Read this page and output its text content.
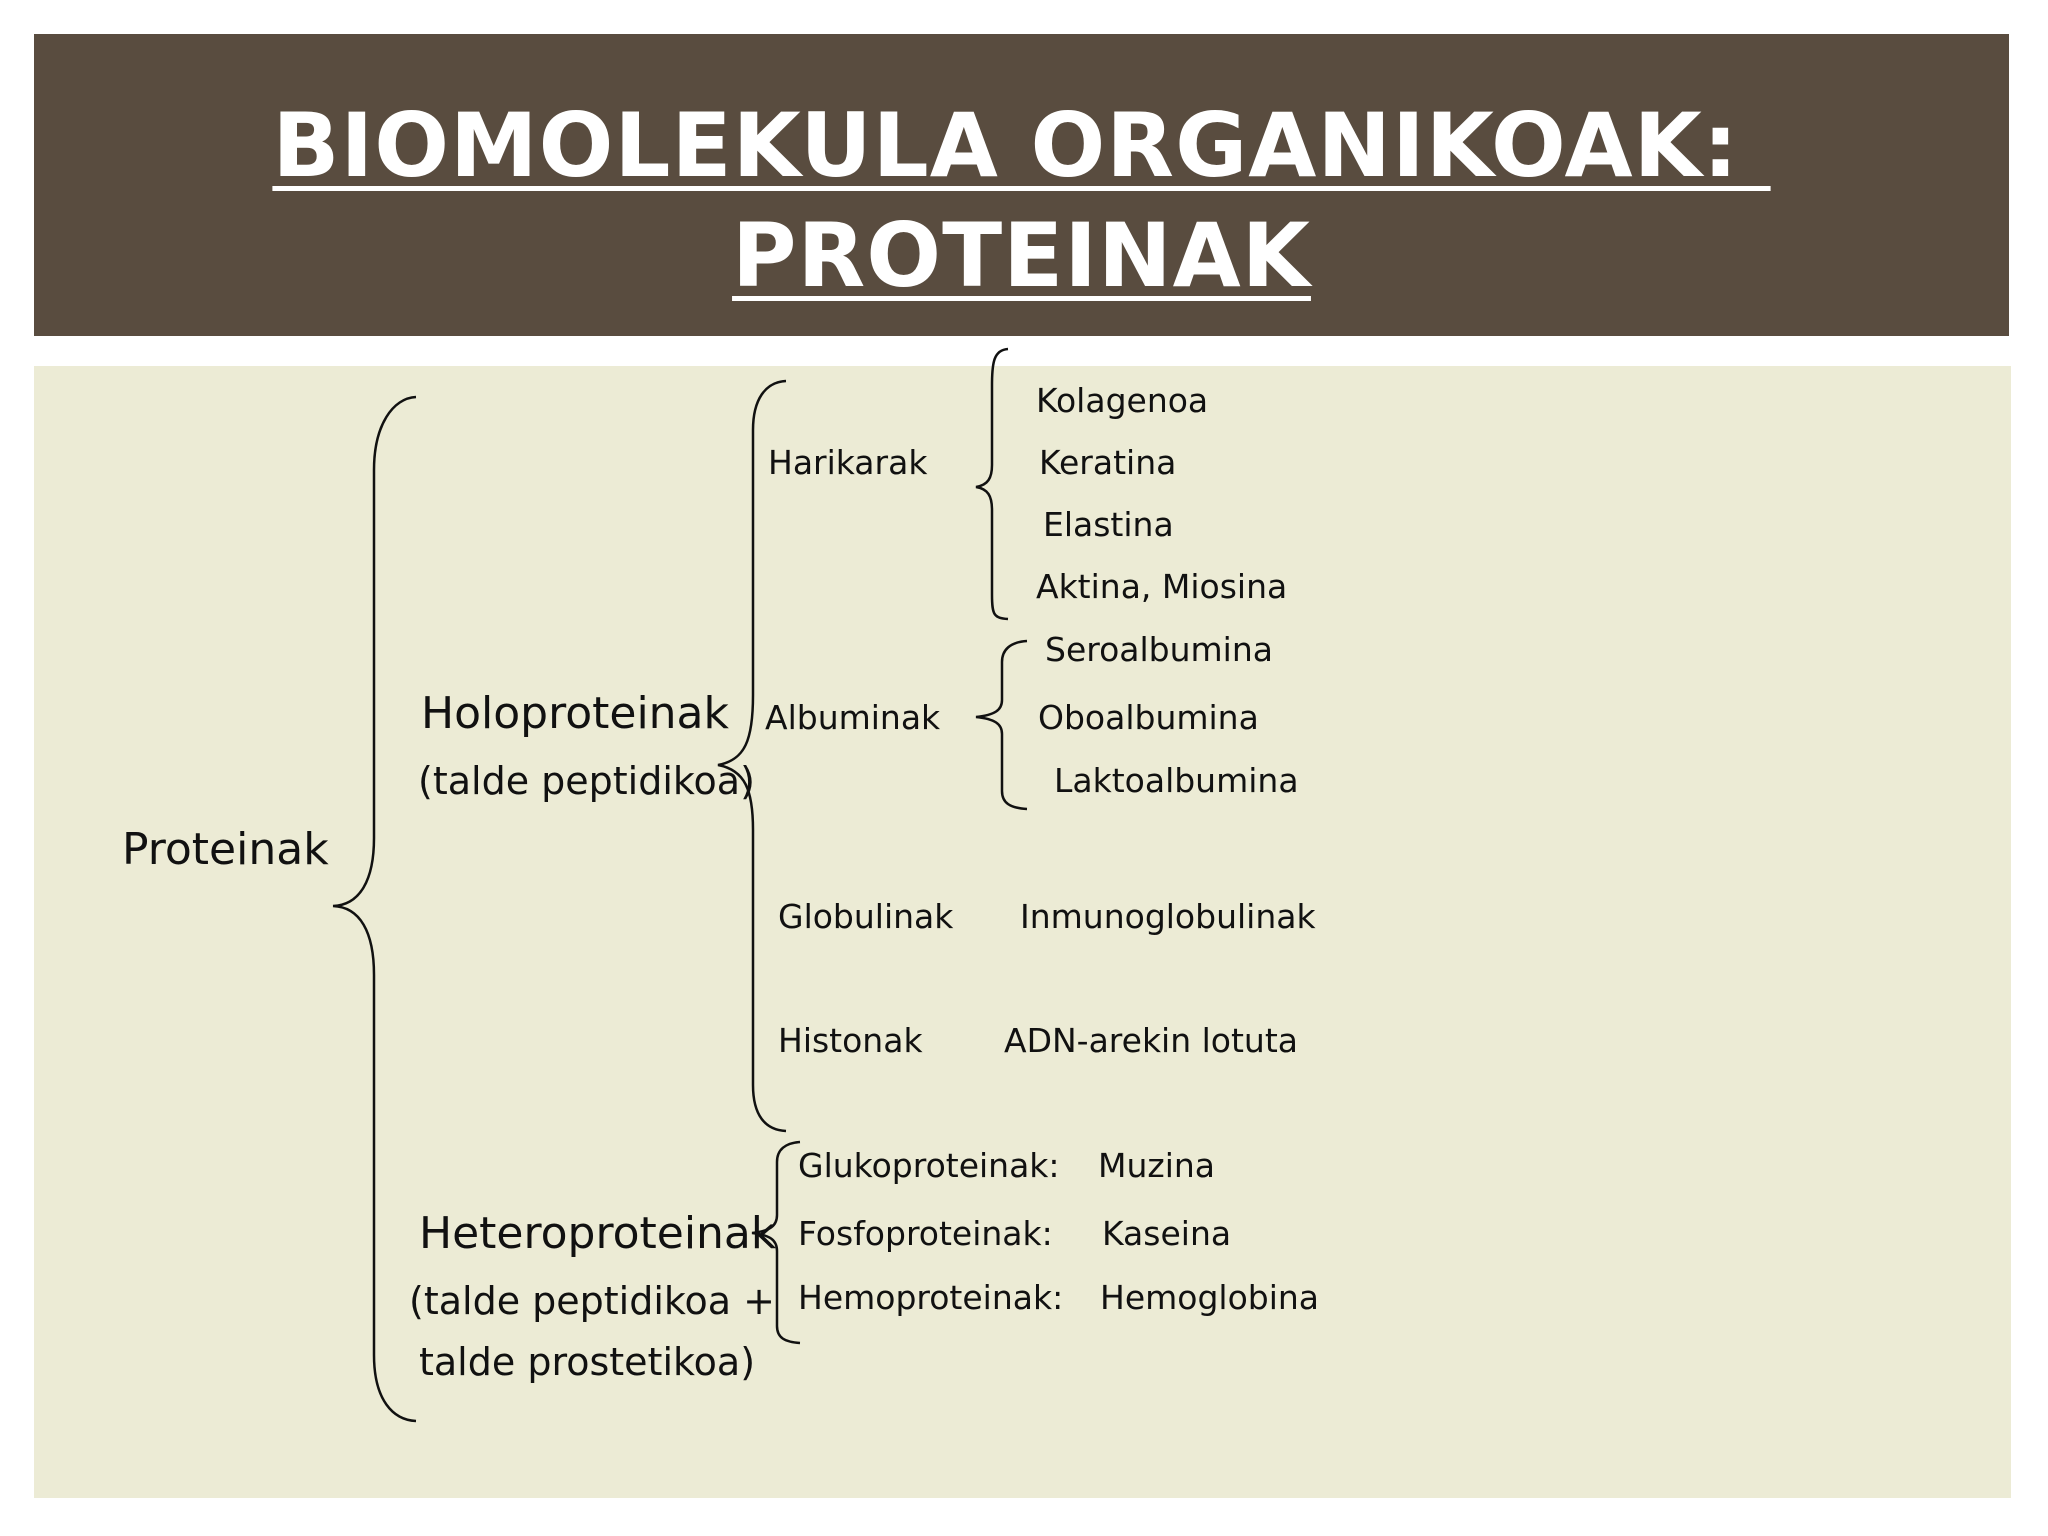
BIOMOLEKULA ORGANIKOAK:
PROTEINAK
Proteinak
Holoproteinak
(talde peptidikoa)
Harikarak
Kolagenoa
Keratina
Elastina
Aktina, Miosina
Albuminak
Seroalbumina
Oboalbumina
Laktoalbumina
Globulinak Inmunoglobulinak
Histonak ADN-arekin lotuta
Heteroproteinak
(talde peptidikoa +
talde prostetikoa)
Glukoproteinak: Muzina
Fosfoproteinak: Kaseina
Hemoproteinak: Hemoglobina
